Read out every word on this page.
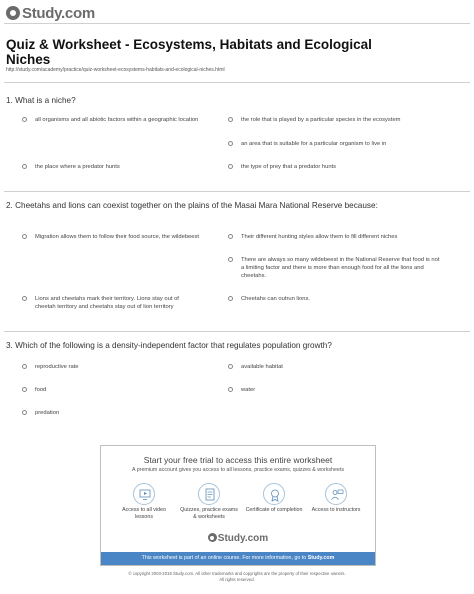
Study.com
Quiz & Worksheet - Ecosystems, Habitats and Ecological Niches
http://study.com/academy/practice/quiz-worksheet-ecosystems-habitats-and-ecological-niches.html
1. What is a niche?
all organisms and all abiotic factors within a geographic location	the role that is played by a particular species in the ecosystem
an area that is suitable for a particular organism to live in
the place where a predator hunts	the type of prey that a predator hunts
2. Cheetahs and lions can coexist together on the plains of the Masai Mara National Reserve because:
Migration allows them to follow their food source, the wildebeest	Their different hunting styles allow them to fill different niches
There are always so many wildebeest in the National Reserve that food is not a limiting factor and there is more than enough food for all the lions and cheetahs.
Lions and cheetahs mark their territory. Lions stay out of cheetah territory and cheetahs stay out of lion territory
Cheetahs can outrun lions.
3. Which of the following is a density-independent factor that regulates population growth?
reproductive rate	available habitat
food	water
predation
Start your free trial to access this entire worksheet
A premium account gives you access to all lessons, practice exams, quizzes & worksheets
Access to all video lessons
Quizzes, practice exams & worksheets
Certificate of completion	Access to instructors
Study.com
This worksheet is part of an online course. For more information, go to Study.com
© copyright 2003-2015 Study.com. All other trademarks and copyrights are the property of their respective owners.
All rights reserved.
